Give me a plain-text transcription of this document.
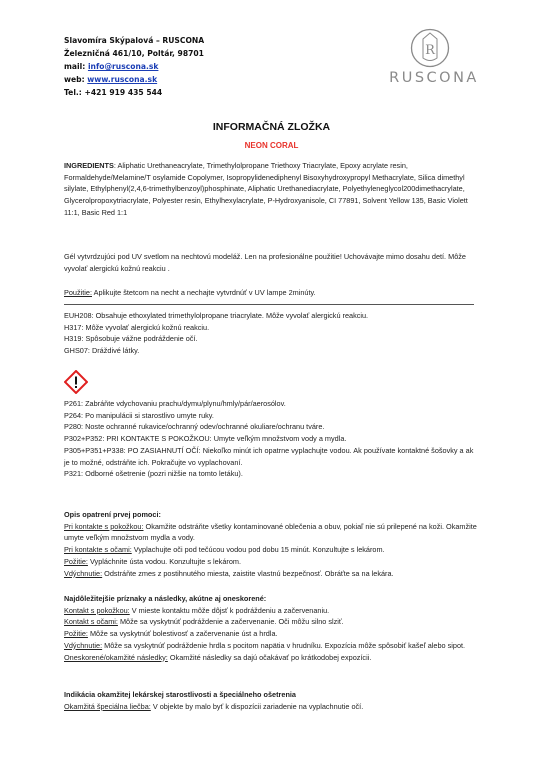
Slavomíra Skýpalová – RUSCONA
Železničná 461/10, Poltár, 98701
mail: info@ruscona.sk
web: www.ruscona.sk
Tel.: +421 919 435 544
R
RUSCONA
INFORMAČNÁ ZLOŽKA
NEON CORAL
INGREDIENTS: Aliphatic Urethaneacrylate, Trimethylolpropane Triethoxy Triacrylate, Epoxy acrylate resin, Formaldehyde/Melamine/T osylamide Copolymer, Isopropylidenediphenyl Bisoxyhydroxypropyl Methacrylate, Silica dimethyl silylate, Ethylphenyl(2,4,6-trimethylbenzoyl)phosphinate, Aliphatic Urethanediacrylate, Polyethyleneglycol200dimethacrylate, Glycerolpropoxytriacrylate, Polyester resin, Ethylhexylacrylate, P-Hydroxyanisole, CI 77891, Solvent Yellow 135, Basic Violett 11:1, Basic Red 1:1
Gél vytvrdzujúci pod UV svetlom na nechtovú modeláž. Len na profesionálne použitie! Uchovávajte mimo dosahu detí. Môže vyvolať alergickú kožnú reakciu .
Použitie: Aplikujte štetcom na necht a nechajte vytvrdnúť v UV lampe 2minúty.
EUH208: Obsahuje ethoxylated trimethylolpropane triacrylate. Môže vyvolať alergickú reakciu.
H317: Môže vyvolať alergickú kožnú reakciu.
H319: Spôsobuje vážne podráždenie očí.
GHS07: Dráždivé látky.
P261: Zabráňte vdychovaniu prachu/dymu/plynu/hmly/pár/aerosólov.
P264: Po manipulácii si starostlivo umyte ruky.
P280: Noste ochranné rukavice/ochranný odev/ochranné okuliare/ochranu tváre.
P302+P352: PRI KONTAKTE S POKOŽKOU: Umyte veľkým množstvom vody a mydla.
P305+P351+P338: PO ZASIAHNUTÍ OČÍ: Niekoľko minút ich opatrne vyplachujte vodou. Ak používate kontaktné šošovky a ak je to možné, odstráňte ich. Pokračujte vo vyplachovaní.
P321: Odborné ošetrenie (pozri nižšie na tomto letáku).
Opis opatrení prvej pomoci:
Pri kontakte s pokožkou: Okamžite odstráňte všetky kontaminované oblečenia a obuv, pokiaľ nie sú prilepené na koži. Okamžite umyte veľkým množstvom mydla a vody.
Pri kontakte s očami: Vyplachujte oči pod tečúcou vodou pod dobu 15 minút. Konzultujte s lekárom.
Požitie: Vypláchnite ústa vodou. Konzultujte s lekárom.
Vdýchnutie: Odstráňte zmes z postihnutého miesta, zaistite vlastnú bezpečnosť. Obráťte sa na lekára.
Najdôležitejšie príznaky a následky, akútne aj oneskorené:
Kontakt s pokožkou: V mieste kontaktu môže dôjsť k podráždeniu a začervenaniu.
Kontakt s očami: Môže sa vyskytnúť podráždenie a začervenanie. Oči môžu silno slziť.
Požitie: Môže sa vyskytnúť bolestivosť a začervenanie úst a hrdla.
Vdýchnutie: Môže sa vyskytnúť podráždenie hrdla s pocitom napätia v hrudníku. Expozícia môže spôsobiť kašeľ alebo sipot.
Oneskorené/okamžité následky: Okamžité následky sa dajú očakávať po krátkodobej expozícii.
Indikácia okamžitej lekárskej starostlivosti a špeciálneho ošetrenia
Okamžitá špeciálna liečba: V objekte by malo byť k dispozícii zariadenie na vyplachnutie očí.
